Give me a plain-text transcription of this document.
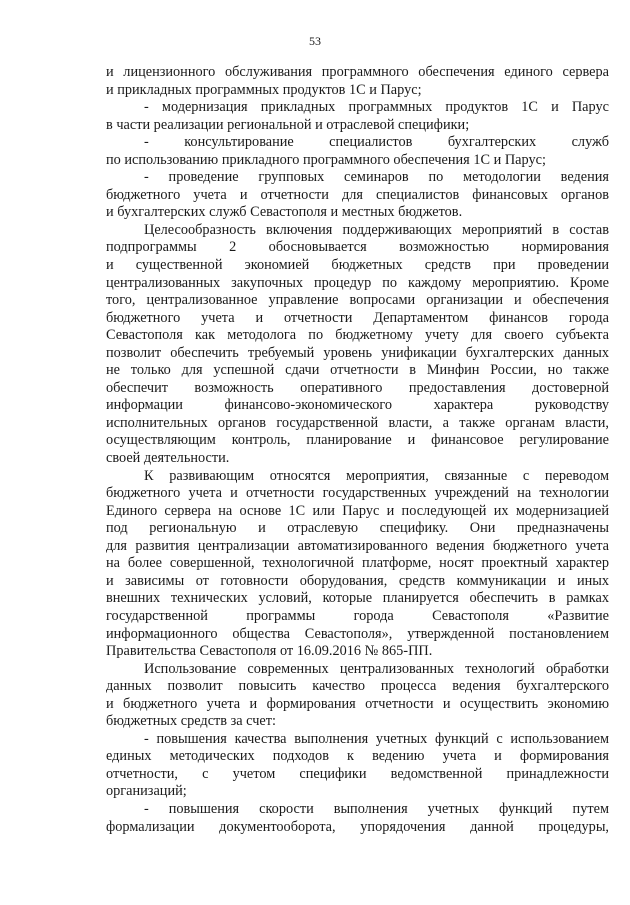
53
и лицензионного обслуживания программного обеспечения единого сервера
и прикладных программных продуктов 1С и Парус;
- модернизация прикладных программных продуктов 1С и Парус
в части реализации региональной и отраслевой специфики;
- консультирование специалистов бухгалтерских служб
по использованию прикладного программного обеспечения 1С и Парус;
- проведение групповых семинаров по методологии ведения
бюджетного учета и отчетности для специалистов финансовых органов
и бухгалтерских служб Севастополя и местных бюджетов.
Целесообразность включения поддерживающих мероприятий в состав
подпрограммы 2 обосновывается возможностью нормирования
и существенной экономией бюджетных средств при проведении
централизованных закупочных процедур по каждому мероприятию. Кроме
того, централизованное управление вопросами организации и обеспечения
бюджетного учета и отчетности Департаментом финансов города
Севастополя как методолога по бюджетному учету для своего субъекта
позволит обеспечить требуемый уровень унификации бухгалтерских данных
не только для успешной сдачи отчетности в Минфин России, но также
обеспечит возможность оперативного предоставления достоверной
информации финансово-экономического характера руководству
исполнительных органов государственной власти, а также органам власти,
осуществляющим контроль, планирование и финансовое регулирование
своей деятельности.
К развивающим относятся мероприятия, связанные с переводом
бюджетного учета и отчетности государственных учреждений на технологии
Единого сервера на основе 1С или Парус и последующей их модернизацией
под региональную и отраслевую специфику. Они предназначены
для развития централизации автоматизированного ведения бюджетного учета
на более совершенной, технологичной платформе, носят проектный характер
и зависимы от готовности оборудования, средств коммуникации и иных
внешних технических условий, которые планируется обеспечить в рамках
государственной программы города Севастополя «Развитие
информационного общества Севастополя», утвержденной постановлением
Правительства Севастополя от 16.09.2016 № 865-ПП.
Использование современных централизованных технологий обработки
данных позволит повысить качество процесса ведения бухгалтерского
и бюджетного учета и формирования отчетности и осуществить экономию
бюджетных средств за счет:
- повышения качества выполнения учетных функций с использованием
единых методических подходов к ведению учета и формирования
отчетности, с учетом специфики ведомственной принадлежности
организаций;
- повышения скорости выполнения учетных функций путем
формализации документооборота, упорядочения данной процедуры,
